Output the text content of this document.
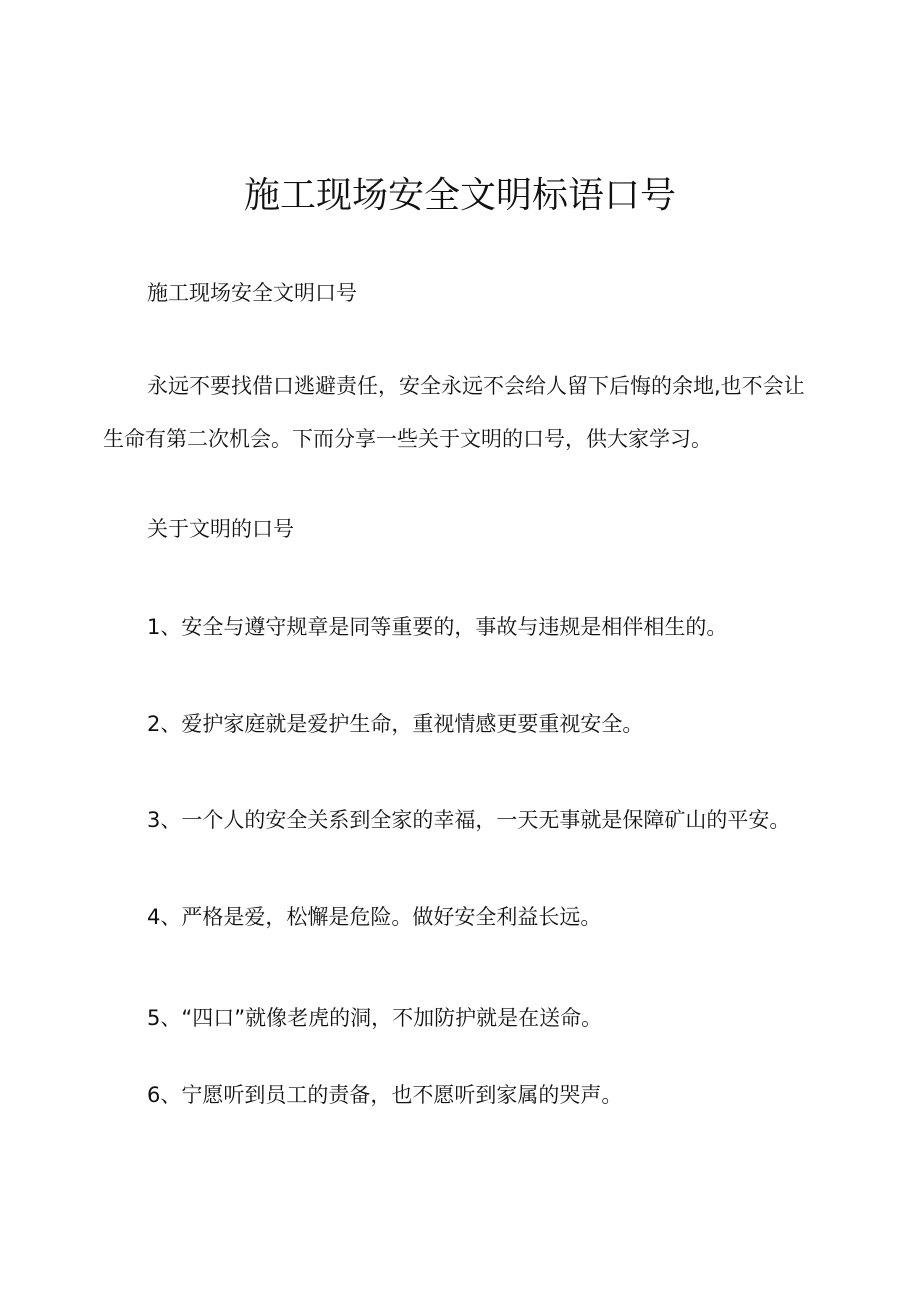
施工现场安全文明标语口号

施工现场安全文明口号

永远不要找借口逃避责任，安全永远不会给人留下后悔的余地,也不会让生命有第二次机会。下而分享一些关于文明的口号，供大家学习。

关于文明的口号

1、安全与遵守规章是同等重要的，事故与违规是相伴相生的。

2、爱护家庭就是爱护生命，重视情感更要重视安全。

3、一个人的安全关系到全家的幸福，一天无事就是保障矿山的平安。

4、严格是爱，松懈是危险。做好安全利益长远。

5、“四口”就像老虎的洞，不加防护就是在送命。

6、宁愿听到员工的责备，也不愿听到家属的哭声。
